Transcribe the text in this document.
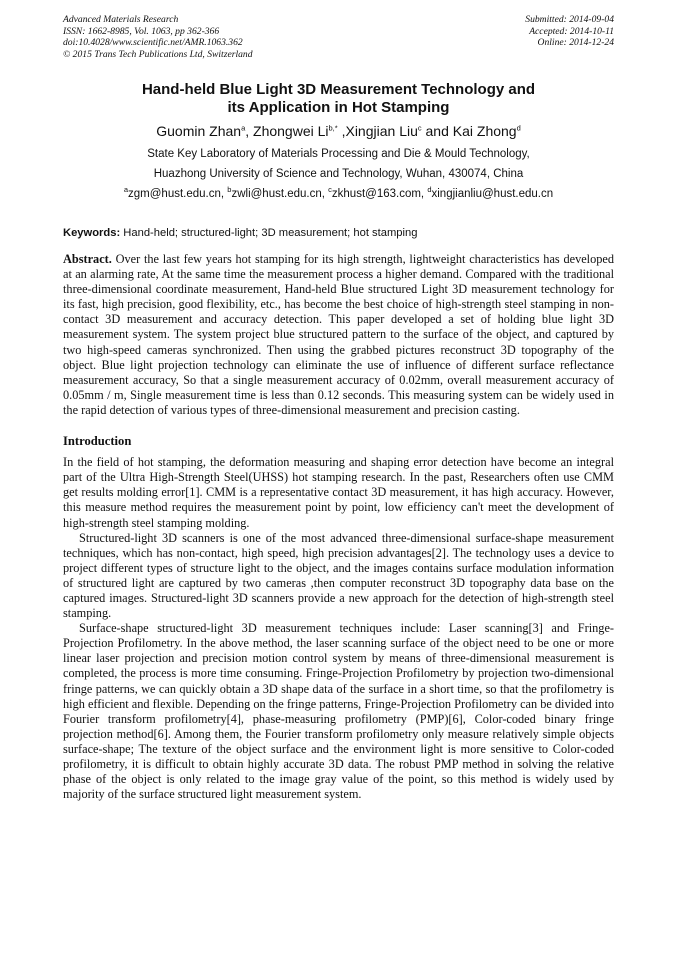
Advanced Materials Research
ISSN: 1662-8985, Vol. 1063, pp 362-366
doi:10.4028/www.scientific.net/AMR.1063.362
© 2015 Trans Tech Publications Ltd, Switzerland
Submitted: 2014-09-04
Accepted: 2014-10-11
Online: 2014-12-24
Hand-held Blue Light 3D Measurement Technology and
its Application in Hot Stamping
Guomin Zhan$^a$, Zhongwei $Li^{b,*}$ ,Xingjian Liu$^c$ and Kai Zhong$^d$
State Key Laboratory of Materials Processing and Die & Mould Technology,
Huazhong University of Science and Technology, Wuhan, 430074, China
$^a$zgm@hust.edu.cn, $^b$zwli@hust.edu.cn, $^c$zkhust@163.com, $^d$xingjianliu@hust.edu.cn
Keywords: Hand-held; structured-light; 3D measurement; hot stamping

Abstract. Over the last few years hot stamping for its high strength, lightweight characteristics has developed at an alarming rate, At the same time the measurement process a higher demand. Compared with the traditional three-dimensional coordinate measurement, Hand-held Blue structured Light 3D measurement technology for its fast, high precision, good flexibility, etc., has become the best choice of high-strength steel stamping in non-contact 3D measurement and accuracy detection. This paper developed a set of holding blue light 3D measurement system. The system project blue structured pattern to the surface of the object, and captured by two high-speed cameras synchronized. Then using the grabbed pictures reconstruct 3D topography of the object. Blue light projection technology can eliminate the use of influence of different surface reflectance measurement accuracy, So that a single measurement accuracy of 0.02mm, overall measurement accuracy of 0.05mm / m, Single measurement time is less than 0.12 seconds. This measuring system can be widely used in the rapid detection of various types of three-dimensional measurement and precision casting.

Introduction

In the field of hot stamping, the deformation measuring and shaping error detection have become an integral part of the Ultra High-Strength Steel(UHSS) hot stamping research. In the past, Researchers often use CMM get results molding error[1]. CMM is a representative contact 3D measurement, it has high accuracy. However, this measure method requires the measurement point by point, low efficiency can't meet the development of high-strength steel stamping molding.

Structured-light 3D scanners is one of the most advanced three-dimensional surface-shape measurement techniques, which has non-contact, high speed, high precision advantages[2]. The technology uses a device to project different types of structure light to the object, and the images contains surface modulation information of structured light are captured by two cameras ,then computer reconstruct 3D topography data base on the captured images. Structured-light 3D scanners provide a new approach for the detection of high-strength steel stamping.

Surface-shape structured-light 3D measurement techniques include: Laser scanning[3] and Fringe-Projection Profilometry. In the above method, the laser scanning surface of the object need to be one or more linear laser projection and precision motion control system by means of three-dimensional measurement is completed, the process is more time consuming. Fringe-Projection Profilometry by projection two-dimensional fringe patterns, we can quickly obtain a 3D shape data of the surface in a short time, so that the profilometry is high efficient and flexible. Depending on the fringe patterns, Fringe-Projection Profilometry can be divided into Fourier transform profilometry[4], phase-measuring profilometry (PMP)[6], Color-coded binary fringe projection method[6]. Among them, the Fourier transform profilometry only measure relatively simple objects surface-shape; The texture of the object surface and the environment light is more sensitive to Color-coded profilometry, it is difficult to obtain highly accurate 3D data. The robust PMP method in solving the relative phase of the object is only related to the image gray value of the point, so this method is widely used by majority of the surface structured light measurement system.
